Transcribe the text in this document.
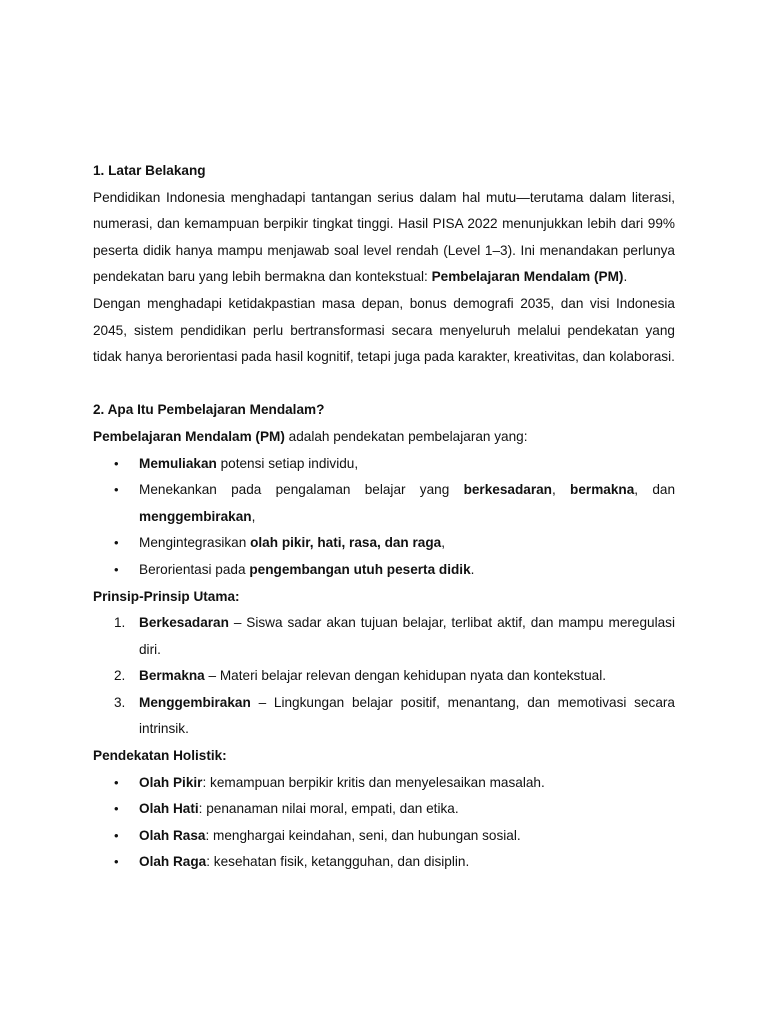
1. Latar Belakang

Pendidikan Indonesia menghadapi tantangan serius dalam hal mutu—terutama dalam literasi, numerasi, dan kemampuan berpikir tingkat tinggi. Hasil PISA 2022 menunjukkan lebih dari 99% peserta didik hanya mampu menjawab soal level rendah (Level 1–3). Ini menandakan perlunya pendekatan baru yang lebih bermakna dan kontekstual: Pembelajaran Mendalam (PM).

Dengan menghadapi ketidakpastian masa depan, bonus demografi 2035, dan visi Indonesia 2045, sistem pendidikan perlu bertransformasi secara menyeluruh melalui pendekatan yang tidak hanya berorientasi pada hasil kognitif, tetapi juga pada karakter, kreativitas, dan kolaborasi.

2. Apa Itu Pembelajaran Mendalam?

Pembelajaran Mendalam (PM) adalah pendekatan pembelajaran yang:

• Memuliakan potensi setiap individu,
• Menekankan pada pengalaman belajar yang berkesadaran, bermakna, dan menggembirakan,
• Mengintegrasikan olah pikir, hati, rasa, dan raga,
• Berorientasi pada pengembangan utuh peserta didik.

Prinsip-Prinsip Utama:

1. Berkesadaran – Siswa sadar akan tujuan belajar, terlibat aktif, dan mampu meregulasi diri.
2. Bermakna – Materi belajar relevan dengan kehidupan nyata dan kontekstual.
3. Menggembirakan – Lingkungan belajar positif, menantang, dan memotivasi secara intrinsik.

Pendekatan Holistik:

• Olah Pikir: kemampuan berpikir kritis dan menyelesaikan masalah.
• Olah Hati: penanaman nilai moral, empati, dan etika.
• Olah Rasa: menghargai keindahan, seni, dan hubungan sosial.
• Olah Raga: kesehatan fisik, ketangguhan, dan disiplin.
